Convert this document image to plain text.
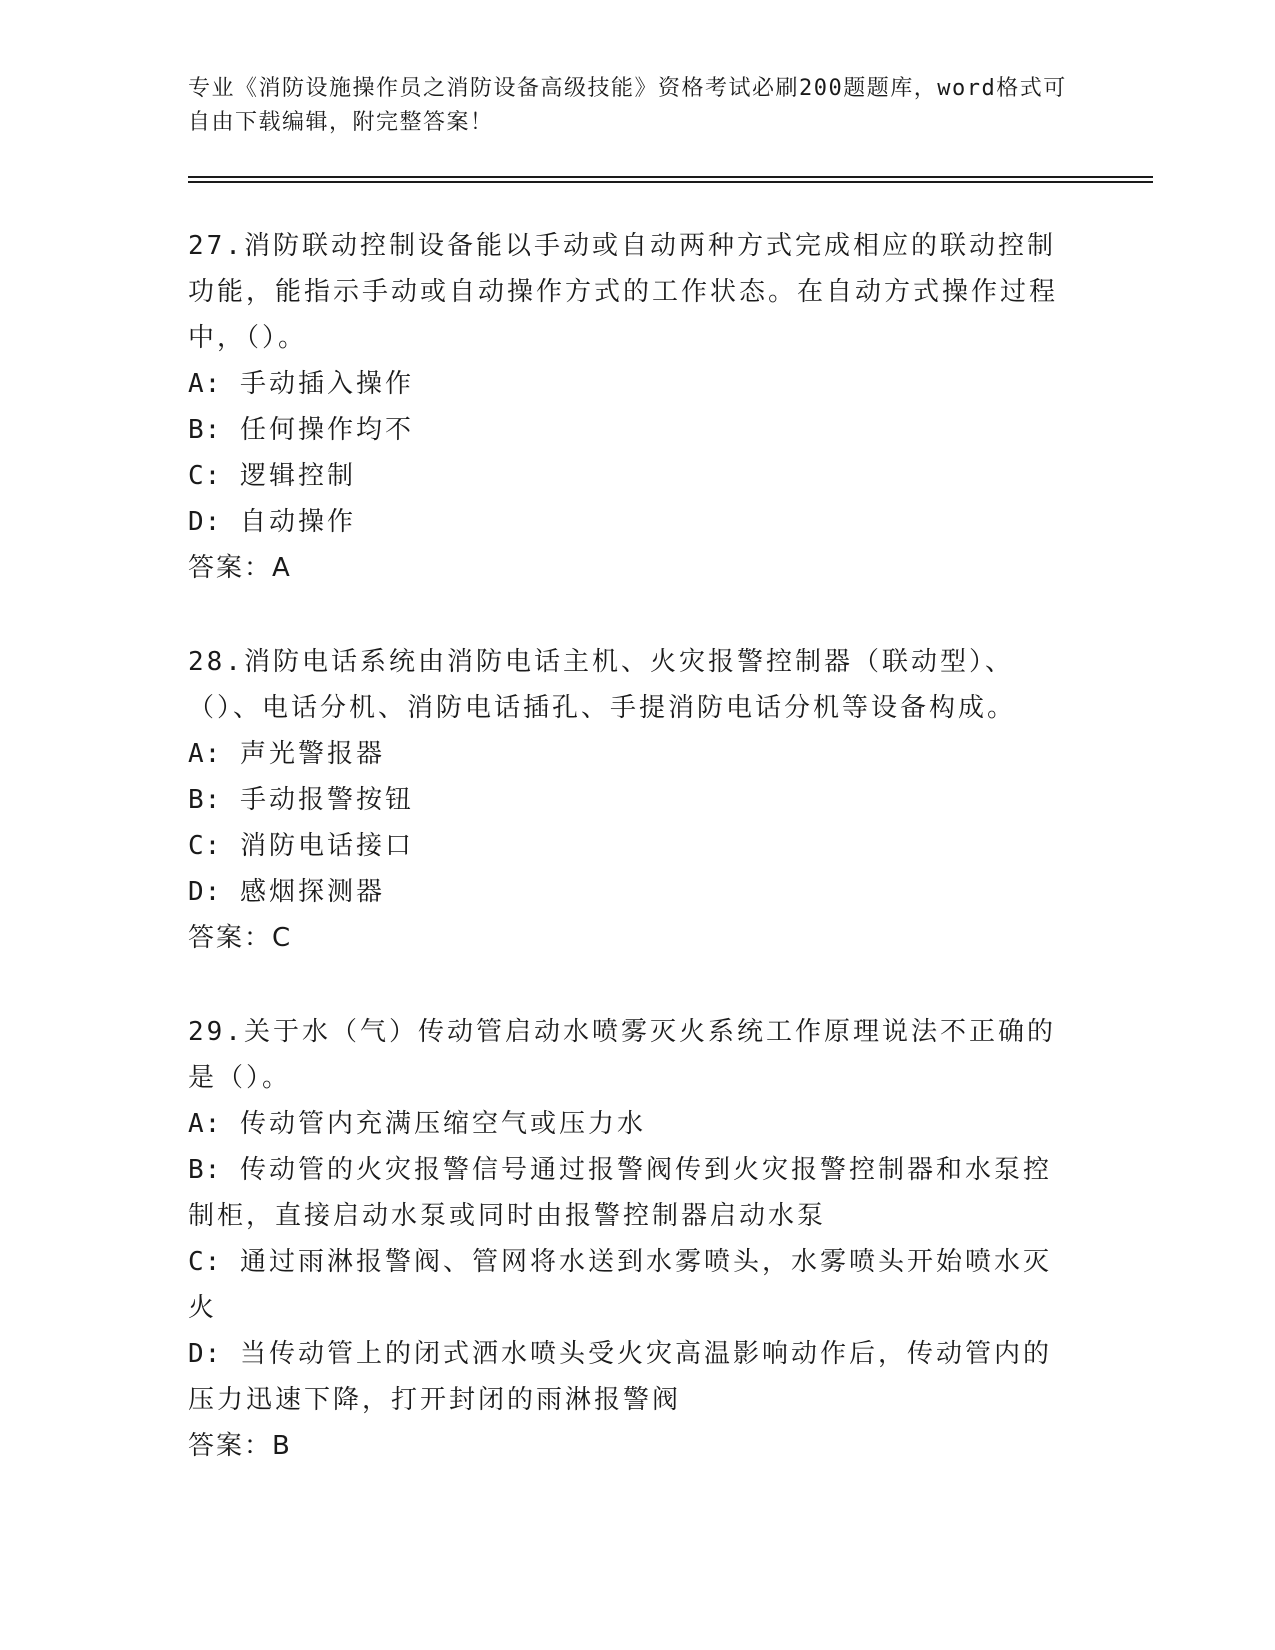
专业《消防设施操作员之消防设备高级技能》资格考试必刷200题题库，word格式可自由下载编辑，附完整答案！

27.消防联动控制设备能以手动或自动两种方式完成相应的联动控制功能，能指示手动或自动操作方式的工作状态。在自动方式操作过程中，（）。

A: 手动插入操作

B: 任何操作均不

C: 逻辑控制

D: 自动操作

答案：A

28.消防电话系统由消防电话主机、火灾报警控制器（联动型）、（）、电话分机、消防电话插孔、手提消防电话分机等设备构成。

A: 声光警报器

B: 手动报警按钮

C: 消防电话接口

D: 感烟探测器

答案：C

29.关于水（气）传动管启动水喷雾灭火系统工作原理说法不正确的是（）。

A: 传动管内充满压缩空气或压力水

B: 传动管的火灾报警信号通过报警阀传到火灾报警控制器和水泵控制柜，直接启动水泵或同时由报警控制器启动水泵

C: 通过雨淋报警阀、管网将水送到水雾喷头，水雾喷头开始喷水灭火

D: 当传动管上的闭式洒水喷头受火灾高温影响动作后，传动管内的压力迅速下降，打开封闭的雨淋报警阀

答案：B
